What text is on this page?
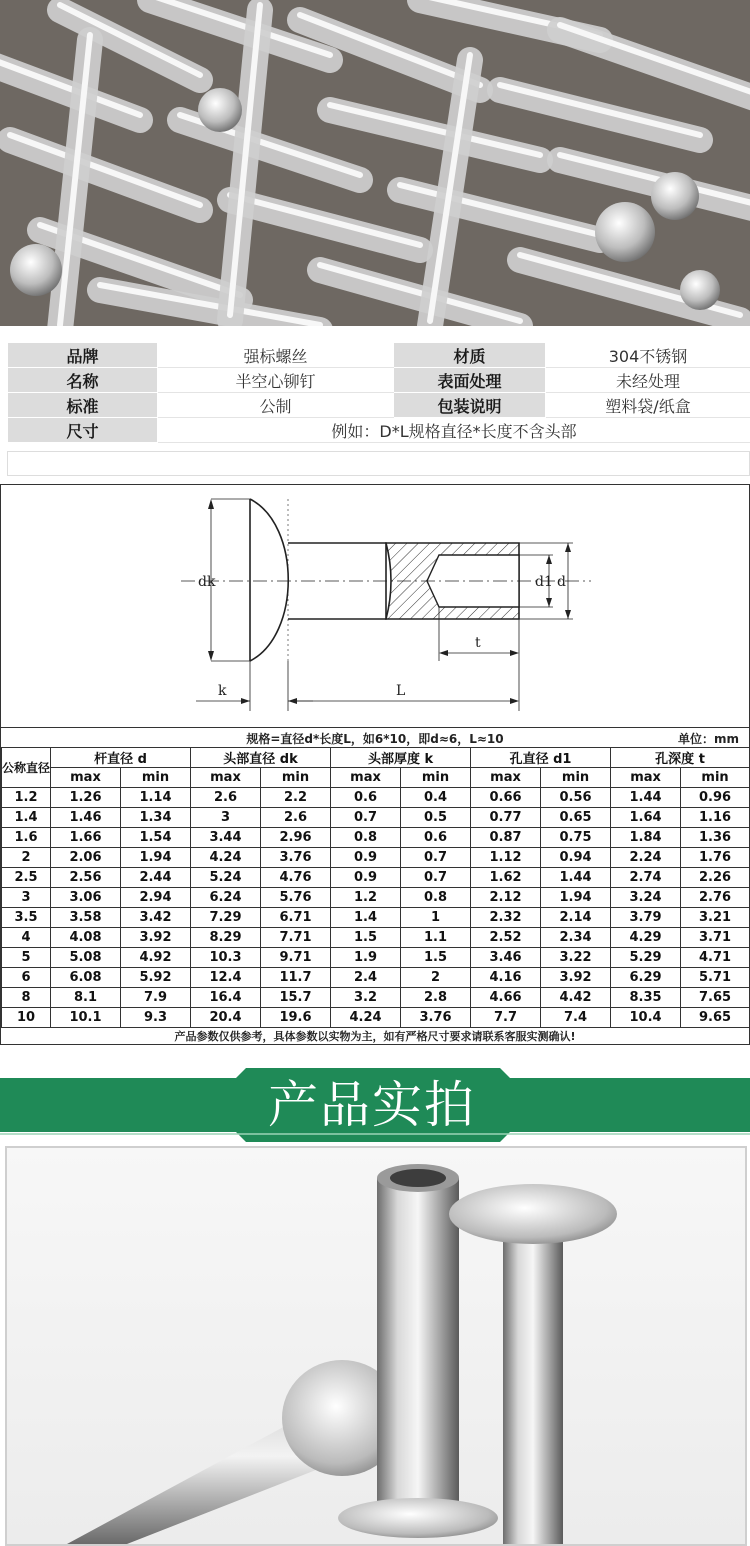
品牌	强标螺丝	材质	304不锈钢
名称	半空心铆钉	表面处理	未经处理
标准	公制	包装说明	塑料袋/纸盒
尺寸	例如：D*L规格直径*长度不含头部		
dk	d1 d
t
k	L
规格=直径d*长度L，如6*10，即d≈6，L≈10	单位：mm
公称直径	杆直径 d		头部直径 dk		头部厚度 k		孔直径 d1		孔深度 t	
	max	min	max	min	max	min	max	min	max	min
1.2	1.26	1.14	2.6	2.2	0.6	0.4	0.66	0.56	1.44	0.96
1.4	1.46	1.34	3	2.6	0.7	0.5	0.77	0.65	1.64	1.16
1.6	1.66	1.54	3.44	2.96	0.8	0.6	0.87	0.75	1.84	1.36
2	2.06	1.94	4.24	3.76	0.9	0.7	1.12	0.94	2.24	1.76
2.5	2.56	2.44	5.24	4.76	0.9	0.7	1.62	1.44	2.74	2.26
3	3.06	2.94	6.24	5.76	1.2	0.8	2.12	1.94	3.24	2.76
3.5	3.58	3.42	7.29	6.71	1.4	1	2.32	2.14	3.79	3.21
4	4.08	3.92	8.29	7.71	1.5	1.1	2.52	2.34	4.29	3.71
5	5.08	4.92	10.3	9.71	1.9	1.5	3.46	3.22	5.29	4.71
6	6.08	5.92	12.4	11.7	2.4	2	4.16	3.92	6.29	5.71
8	8.1	7.9	16.4	15.7	3.2	2.8	4.66	4.42	8.35	7.65
10	10.1	9.3	20.4	19.6	4.24	3.76	7.7	7.4	10.4	9.65
产品参数仅供参考，具体参数以实物为主，如有严格尺寸要求请联系客服实测确认!
产品实拍
